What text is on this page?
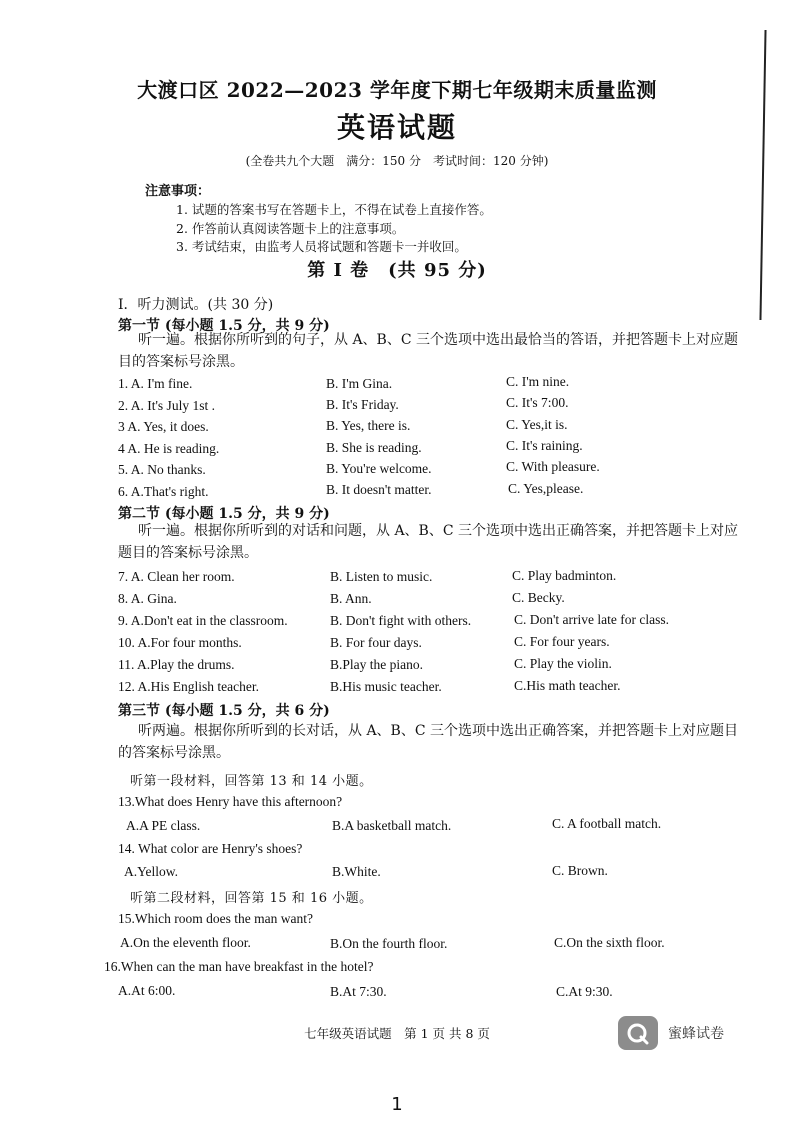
大渡口区 2022—2023 学年度下期七年级期末质量监测
英语试题
(全卷共九个大题　满分：150 分　考试时间：120 分钟)
注意事项：
1. 试题的答案书写在答题卡上，不得在试卷上直接作答。
2. 作答前认真阅读答题卡上的注意事项。
3. 考试结束，由监考人员将试题和答题卡一并收回。
第 I 卷　(共 95 分)
I．听力测试。(共 30 分)
第一节 (每小题 1.5 分，共 9 分)
听一遍。根据你所听到的句子，从 A、B、C 三个选项中选出最恰当的答语，并把答题卡上对应题目的答案标号涂黑。
1. A. I'm fine.	B. I'm Gina.	C. I'm nine.
2. A. It's July 1st .	B. It's Friday.	C. It's 7:00.
3 A. Yes, it does.	B. Yes, there is.	C. Yes,it is.
4 A. He is reading.	B. She is reading.	C. It's raining.
5. A. No thanks.	B. You're welcome.	C. With pleasure.
6. A.That's right.	B. It doesn't matter.	C. Yes,please.
第二节 (每小题 1.5 分，共 9 分)
听一遍。根据你所听到的对话和问题，从 A、B、C 三个选项中选出正确答案，并把答题卡上对应题目的答案标号涂黑。
7. A. Clean her room.	B. Listen to music.	C. Play badminton.
8. A. Gina.	B. Ann.	C. Becky.
9. A.Don't eat in the classroom.	B. Don't fight with others.	C. Don't arrive late for class.
10. A.For four months.	B. For four days.	C. For four years.
11. A.Play the drums.	B.Play the piano.	C. Play the violin.
12. A.His English teacher.	B.His music teacher.	C.His math teacher.
第三节 (每小题 1.5 分，共 6 分)
听两遍。根据你所听到的长对话，从 A、B、C 三个选项中选出正确答案，并把答题卡上对应题目的答案标号涂黑。
听第一段材料，回答第 13 和 14 小题。
13.What does Henry have this afternoon?
A.A PE class.	B.A basketball match.	C. A football match.
14. What color are Henry's shoes?
A.Yellow.	B.White.	C. Brown.
听第二段材料，回答第 15 和 16 小题。
15.Which room does the man want?
A.On the eleventh floor.	B.On the fourth floor.	C.On the sixth floor.
16.When can the man have breakfast in the hotel?
A.At 6:00.	B.At 7:30.	C.At 9:30.
七年级英语试题　第 1 页 共 8 页	蜜蜂试卷
1
